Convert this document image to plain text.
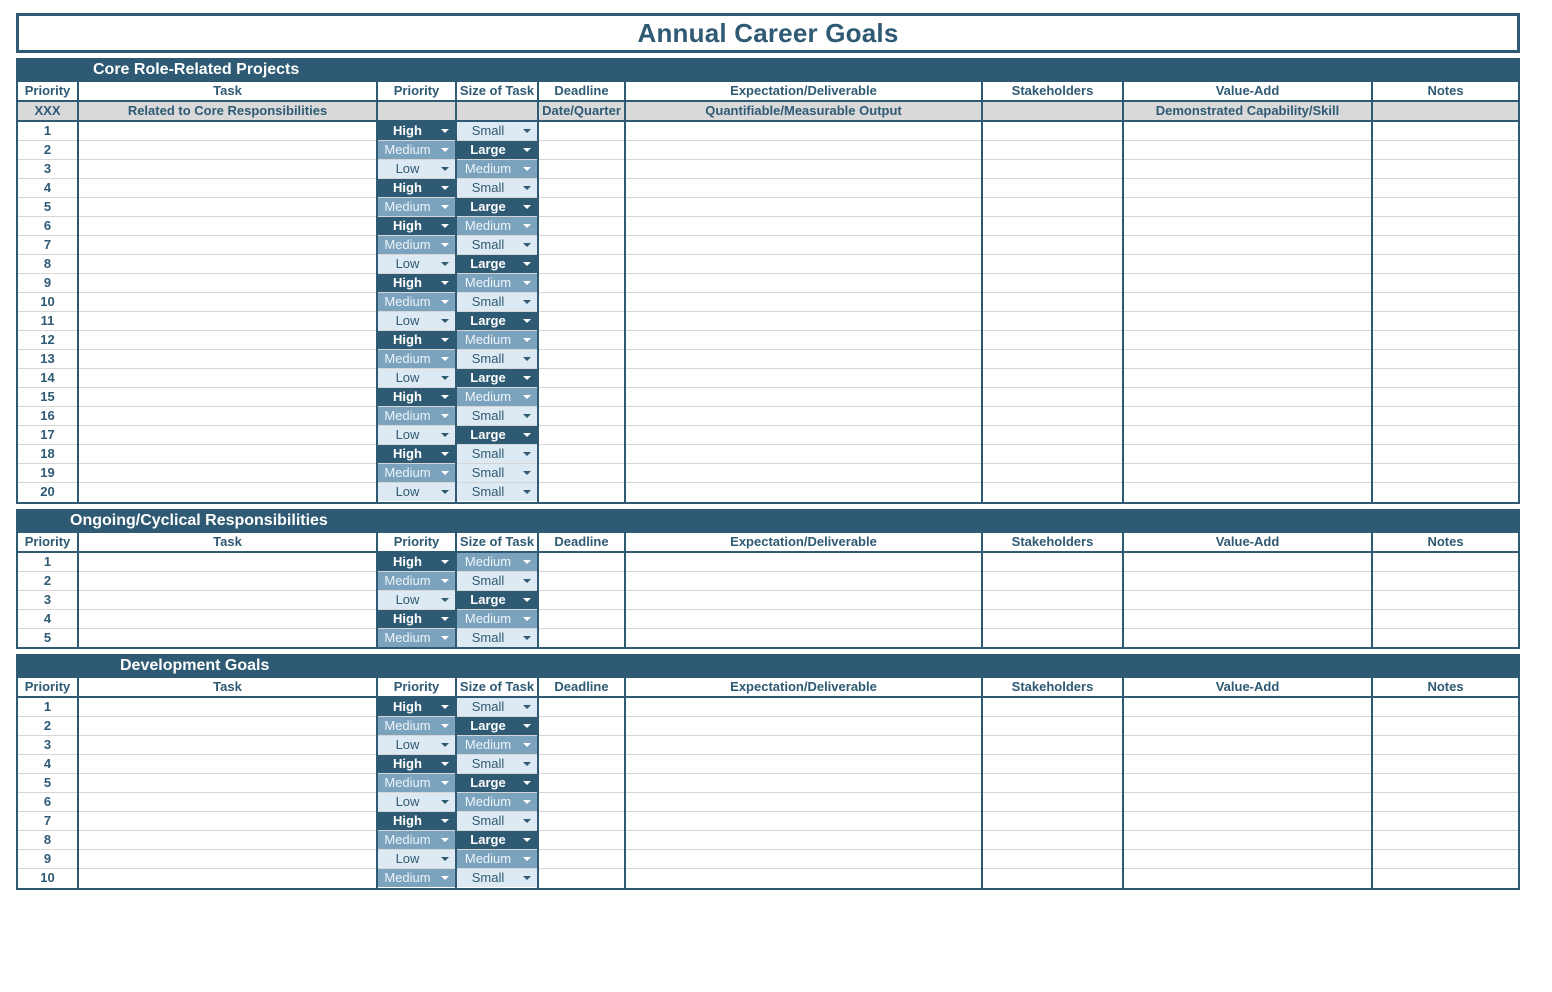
Annual Career Goals
Core Role-Related Projects
Priority	Task	Priority	Size of Task	Deadline	Expectation/Deliverable	Stakeholders	Value-Add	Notes
XXX	Related to Core Responsibilities			Date/Quarter	Quantifiable/Measurable Output		Demonstrated Capability/Skill	
1		High	Small					

2		Medium	Large					

3		Low	Medium					

4		High	Small					

5		Medium	Large					

6		High	Medium					

7		Medium	Small					

8		Low	Large					

9		High	Medium					

10		Medium	Small					

11		Low	Large					

12		High	Medium					

13		Medium	Small					

14		Low	Large					

15		High	Medium					

16		Medium	Small					

17		Low	Large					

18		High	Small					

19		Medium	Small					

20		Low	Small					

Ongoing/Cyclical Responsibilities
Priority	Task	Priority	Size of Task	Deadline	Expectation/Deliverable	Stakeholders	Value-Add	Notes
1		High	Medium					

2		Medium	Small					

3		Low	Large					

4		High	Medium					

5		Medium	Small					

Development Goals
Priority	Task	Priority	Size of Task	Deadline	Expectation/Deliverable	Stakeholders	Value-Add	Notes
1		High	Small					

2		Medium	Large					

3		Low	Medium					

4		High	Small					

5		Medium	Large					

6		Low	Medium					

7		High	Small					

8		Medium	Large					

9		Low	Medium					

10		Medium	Small					
